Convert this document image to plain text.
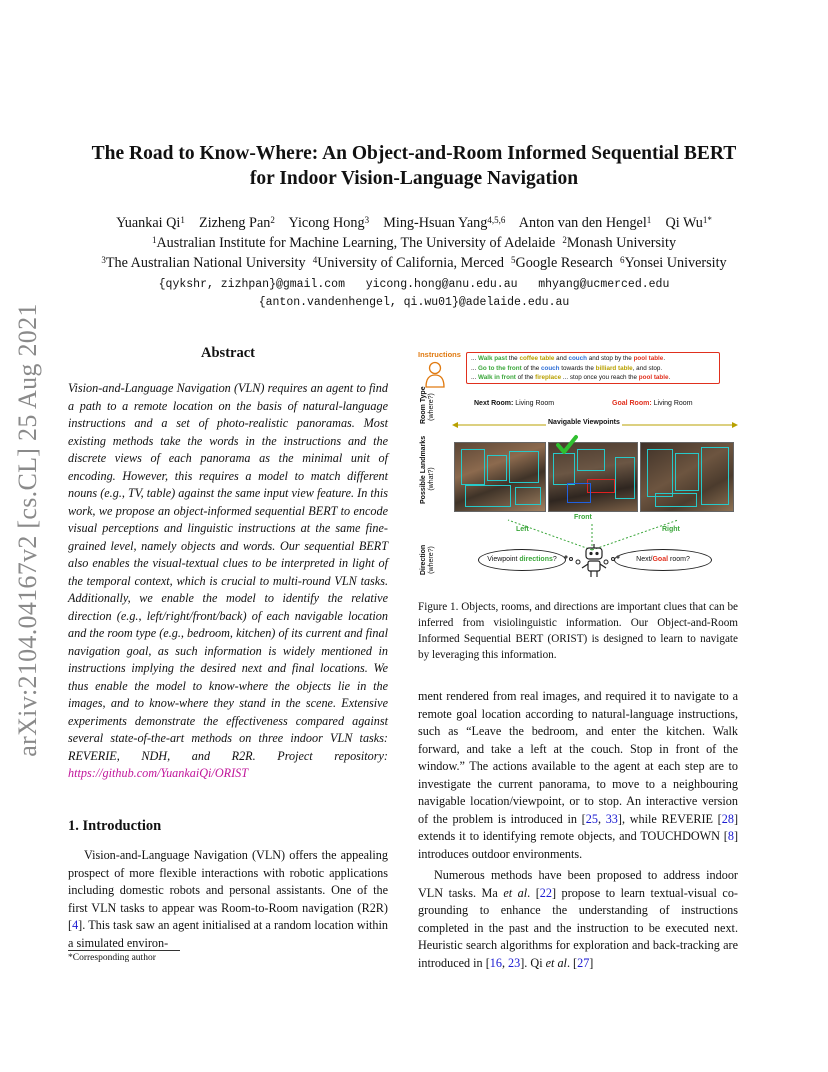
arXiv:2104.04167v2 [cs.CL] 25 Aug 2021
The Road to Know-Where: An Object-and-Room Informed Sequential BERT
for Indoor Vision-Language Navigation
Yuankai Qi$^1$ Zizheng Pan$^2$ Yicong Hong$^3$ Ming-Hsuan Yang$^{4,5,6}$ Anton van den Hengel$^1$ Qi $Wu^{1*}$
$^1$Australian Institute for Machine Learning, The University of Adelaide $^2$Monash University
$^3$The Australian National University $^4$University of California, Merced $^5$Google Research $^6$Yonsei University
{qykshr, zizhpan}@gmail.com   yicong.hong@anu.edu.au   mhyang@ucmerced.edu
{anton.vandenhengel, qi.wu01}@adelaide.edu.au
Abstract
Vision-and-Language Navigation (VLN) requires an agent to find a path to a remote location on the basis of natural-language instructions and a set of photo-realistic panoramas. Most existing methods take the words in the instructions and the discrete views of each panorama as the minimal unit of encoding. However, this requires a model to match different nouns (e.g., TV, table) against the same input view feature. In this work, we propose an object-informed sequential BERT to encode visual perceptions and linguistic instructions at the same fine-grained level, namely objects and words. Our sequential BERT also enables the visual-textual clues to be interpreted in light of the temporal context, which is crucial to multi-round VLN tasks. Additionally, we enable the model to identify the relative direction (e.g., left/right/front/back) of each navigable location and the room type (e.g., bedroom, kitchen) of its current and final navigation goal, as such information is widely mentioned in instructions implying the desired next and final locations. We thus enable the model to know-where the objects lie in the images, and to know-where they stand in the scene. Extensive experiments demonstrate the effectiveness compared against several state-of-the-art methods on three indoor VLN tasks: REVERIE, NDH, and R2R. Project repository: https://github.com/YuankaiQi/ORIST
1. Introduction
Vision-and-Language Navigation (VLN) offers the appealing prospect of more flexible interactions with robotic applications including domestic robots and personal assistants. One of the first VLN tasks to appear was Room-to-Room navigation (R2R) [4]. This task saw an agent initialised at a random location within a simulated environ-
*Corresponding author
Instructions ... Walk past the coffee table and couch and stop by the pool table.
... Go to the front of the couch towards the billiard table, and stop.
... Walk in front of the fireplace ... stop once you reach the pool table.
Room Type (where?)	Next Room: Living Room	Goal Room: Living Room
Navigable Viewpoints
Possible Landmarks (what?)
Front
Left	Right
Direction (where?)	Viewpoint directions?	Next/Goal room?
Figure 1. Objects, rooms, and directions are important clues that can be inferred from visiolinguistic information. Our Object-and-Room Informed Sequential BERT (ORIST) is designed to learn to navigate by leveraging this information.

ment rendered from real images, and required it to navigate to a remote goal location according to natural-language instructions, such as “Leave the bedroom, and enter the kitchen. Walk forward, and take a left at the couch. Stop in front of the window.” The actions available to the agent at each step are to investigate the current panorama, to move to a neighbouring navigable location/viewpoint, or to stop. An interactive version of the problem is introduced in [25, 33], while REVERIE [28] extends it to identifying remote objects, and TOUCHDOWN [8] introduces outdoor environments.

Numerous methods have been proposed to address indoor VLN tasks. Ma et al. [22] propose to learn textual-visual co-grounding to enhance the understanding of instructions completed in the past and the instruction to be executed next. Heuristic search algorithms for exploration and back-tracking are introduced in [16, 23]. Qi et al. [27]
